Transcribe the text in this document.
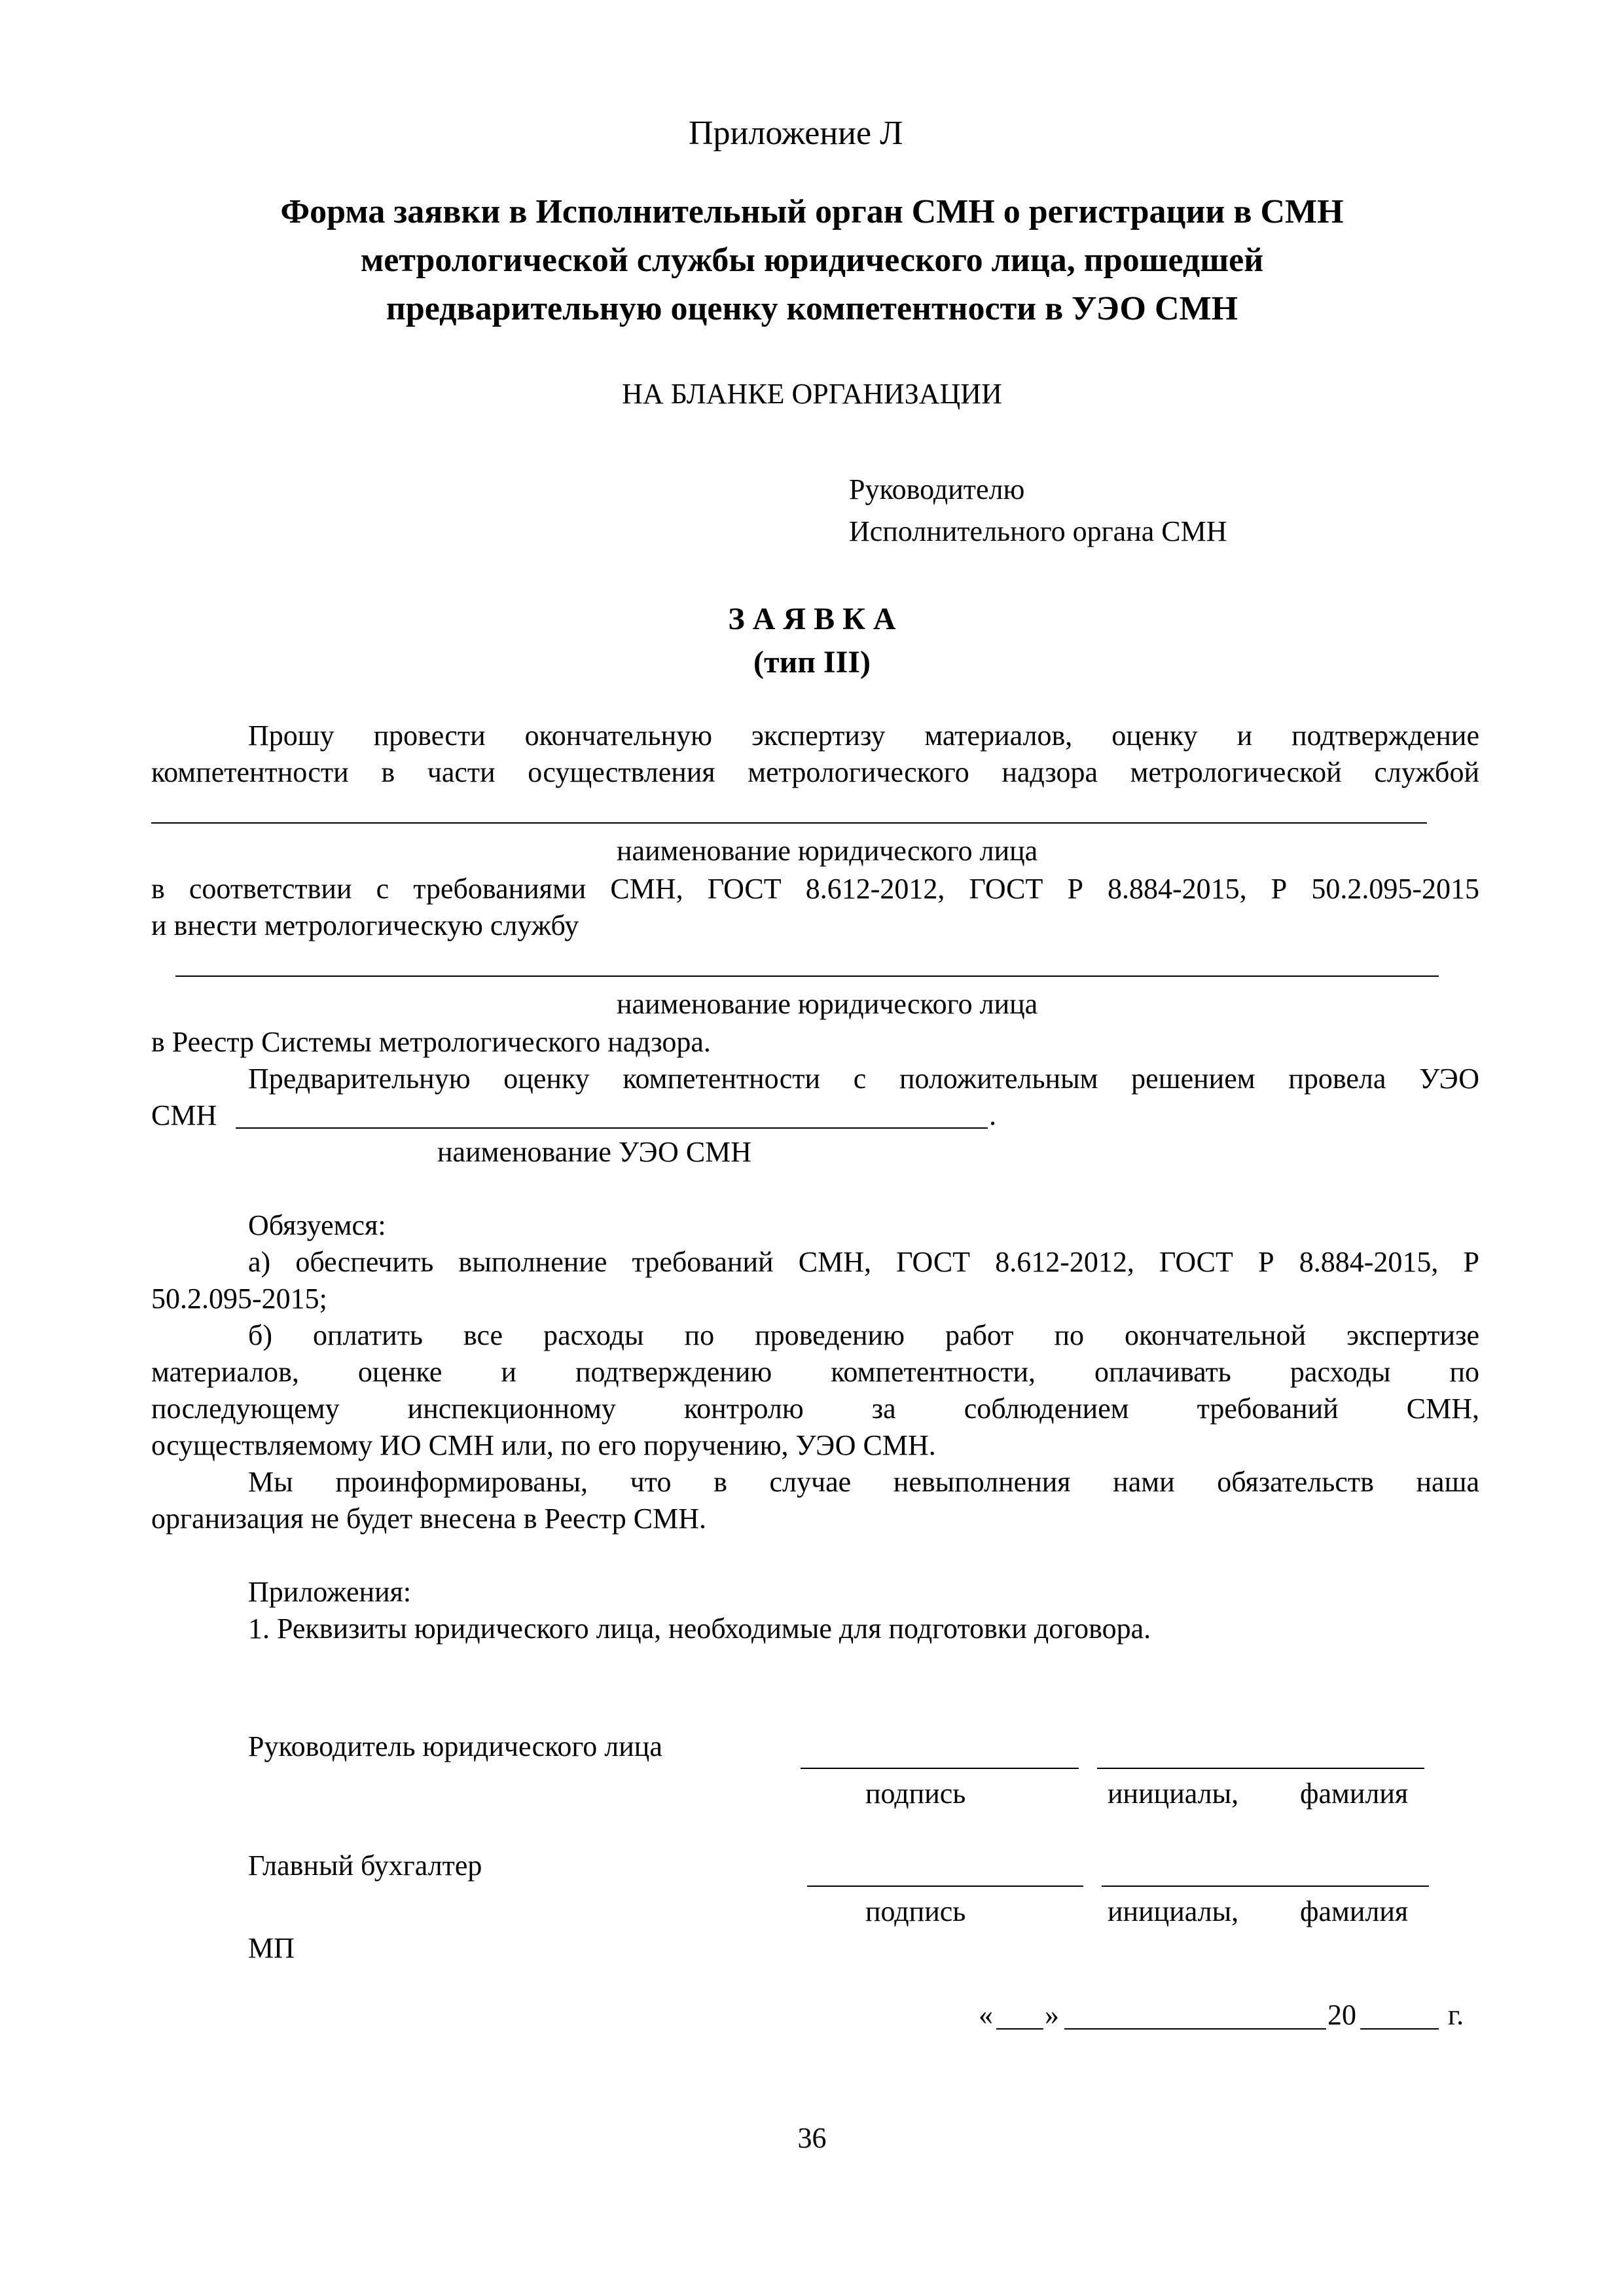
Приложение Л
Форма заявки в Исполнительный орган СМН о регистрации в СМН
метрологической службы юридического лица, прошедшей
предварительную оценку компетентности в УЭО СМН
НА БЛАНКЕ ОРГАНИЗАЦИИ
Руководителю
Исполнительного органа СМН
З А Я В К А
(тип III)
Прошу провести окончательную экспертизу материалов, оценку и подтверждение
компетентности в части осуществления метрологического надзора метрологической службой
наименование юридического лица
в соответствии с требованиями СМН, ГОСТ 8.612-2012, ГОСТ Р 8.884-2015, Р 50.2.095-2015
и внести метрологическую службу
наименование юридического лица
в Реестр Системы метрологического надзора.
Предварительную оценку компетентности с положительным решением провела УЭО
СМН	.
наименование УЭО СМН
Обязуемся:
а) обеспечить выполнение требований СМН, ГОСТ 8.612-2012, ГОСТ Р 8.884-2015, Р
50.2.095-2015;
б) оплатить все расходы по проведению работ по окончательной экспертизе
материалов, оценке и подтверждению компетентности, оплачивать расходы по
последующему инспекционному контролю за соблюдением требований СМН,
осуществляемому ИО СМН или, по его поручению, УЭО СМН.
Мы проинформированы, что в случае невыполнения нами обязательств наша
организация не будет внесена в Реестр СМН.
Приложения:
1. Реквизиты юридического лица, необходимые для подготовки договора.
Руководитель юридического лица
подпись	инициалы, фамилия
Главный бухгалтер
подпись	инициалы, фамилия
МП
« »	20	г.
36
